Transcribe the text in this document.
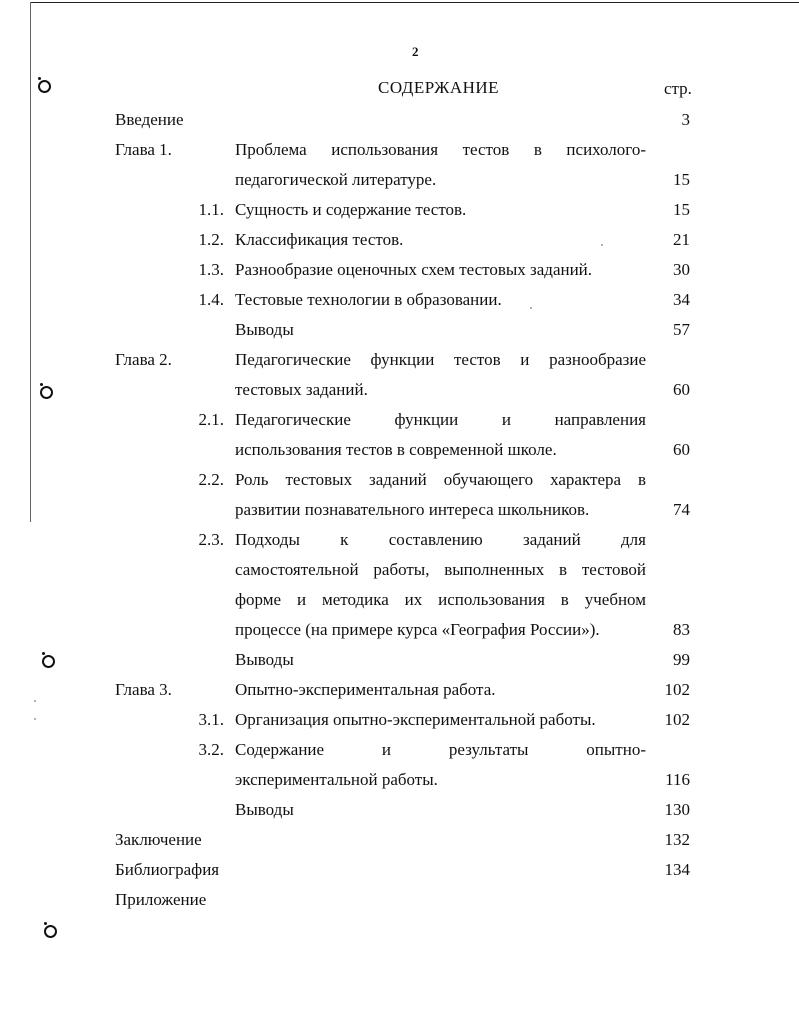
2
СОДЕРЖАНИЕ	стр.
Введение	3
Глава 1.	Проблема использования тестов в психолого-
педагогической литературе.	15
1.1. Сущность и содержание тестов.	15
1.2. Классификация тестов.	21
1.3. Разнообразие оценочных схем тестовых заданий.	30
1.4. Тестовые технологии в образовании.	34
Выводы	57
Глава 2.	Педагогические функции тестов и разнообразие
тестовых заданий.	60
2.1. Педагогические функции и направления
использования тестов в современной школе.	60
2.2. Роль тестовых заданий обучающего характера в
развитии познавательного интереса школьников.	74
2.3. Подходы к составлению заданий для
самостоятельной работы, выполненных в тестовой
форме и методика их использования в учебном
процессе (на примере курса «География России»).	83
Выводы	99
Глава 3.	Опытно-экспериментальная работа.	102
3.1. Организация опытно-экспериментальной работы.	102
3.2. Содержание и результаты опытно-
экспериментальной работы.	116
Выводы	130
Заключение	132
Библиография	134
Приложение
